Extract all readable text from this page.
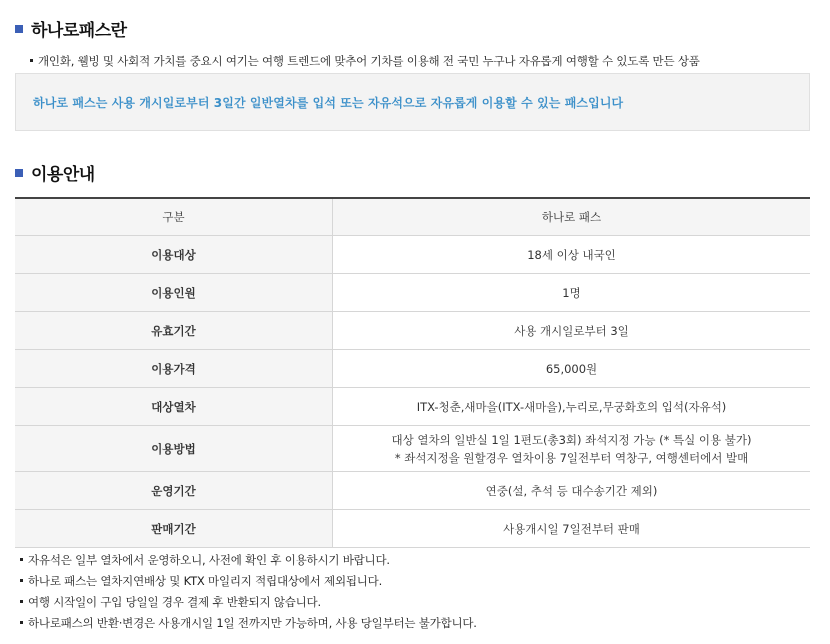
하나로패스란
개인화, 웰빙 및 사회적 가치를 중요시 여기는 여행 트렌드에 맞추어 기차를 이용해 전 국민 누구나 자유롭게 여행할 수 있도록 만든 상품
하나로 패스는 사용 개시일로부터 3일간 일반열차를 입석 또는 자유석으로 자유롭게 이용할 수 있는 패스입니다
이용안내
구분	하나로 패스
이용대상	18세 이상 내국인
이용인원	1명
유효기간	사용 개시일로부터 3일
이용가격	65,000원
대상열차	ITX-청춘,새마을(ITX-새마을),누리로,무궁화호의 입석(자유석)
이용방법	대상 열차의 일반실 1일 1편도(총3회) 좌석지정 가능 (* 특실 이용 불가)
* 좌석지정을 원할경우 열차이용 7일전부터 역창구, 여행센터에서 발매

운영기간	연중(설, 추석 등 대수송기간 제외)
판매기간	사용개시일 7일전부터 판매
자유석은 일부 열차에서 운영하오니, 사전에 확인 후 이용하시기 바랍니다.
하나로 패스는 열차지연배상 및 KTX 마일리지 적립대상에서 제외됩니다.
여행 시작일이 구입 당일일 경우 결제 후 반환되지 않습니다.
하나로패스의 반환·변경은 사용개시일 1일 전까지만 가능하며, 사용 당일부터는 불가합니다.
